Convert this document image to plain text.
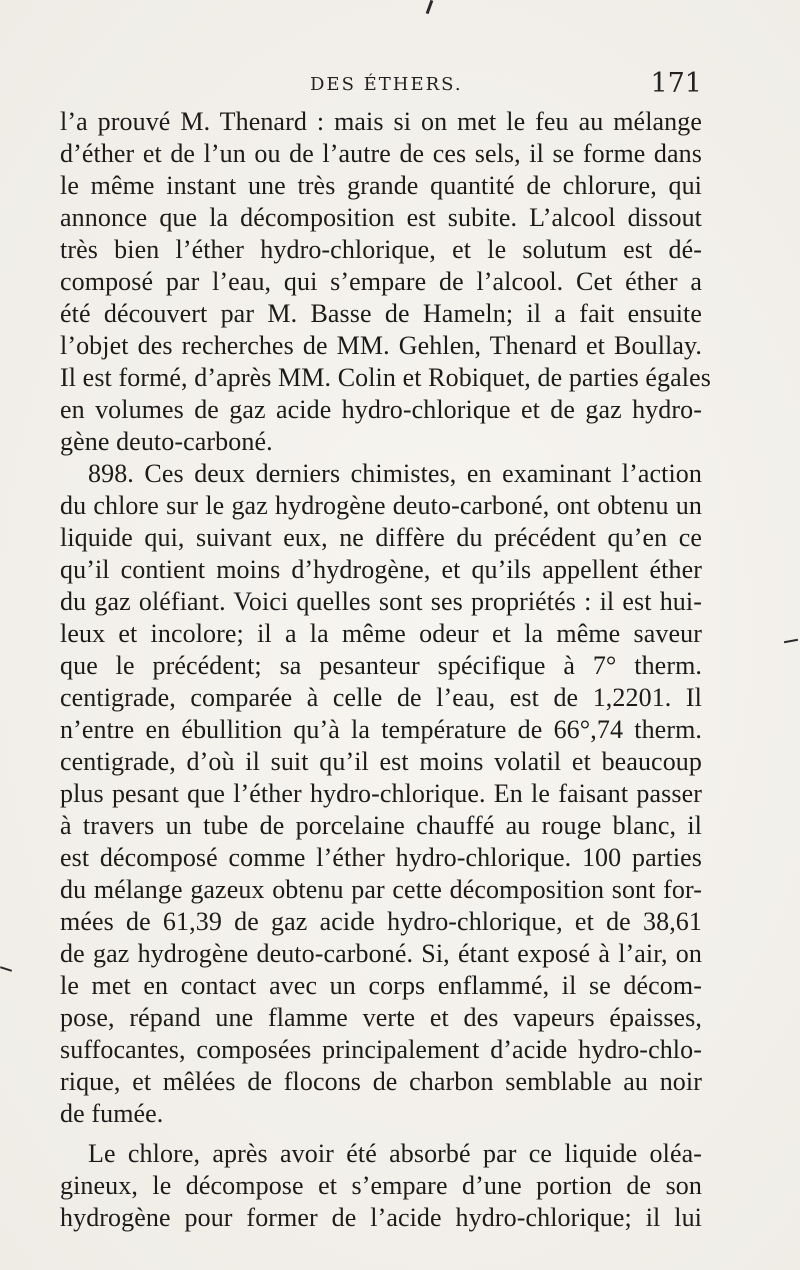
DES ÉTHERS.	171
l’a prouvé M. Thenard : mais si on met le feu au mélange
d’éther et de l’un ou de l’autre de ces sels, il se forme dans
le même instant une très grande quantité de chlorure, qui
annonce que la décomposition est subite. L’alcool dissout
très bien l’éther hydro-chlorique, et le solutum est dé-
composé par l’eau, qui s’empare de l’alcool. Cet éther a
été découvert par M. Basse de Hameln; il a fait ensuite
l’objet des recherches de MM. Gehlen, Thenard et Boullay.
Il est formé, d’après MM. Colin et Robiquet, de parties égales
en volumes de gaz acide hydro-chlorique et de gaz hydro-
gène deuto-carboné.
898. Ces deux derniers chimistes, en examinant l’action
du chlore sur le gaz hydrogène deuto-carboné, ont obtenu un
liquide qui, suivant eux, ne diffère du précédent qu’en ce
qu’il contient moins d’hydrogène, et qu’ils appellent éther
du gaz oléfiant. Voici quelles sont ses propriétés : il est hui-
leux et incolore; il a la même odeur et la même saveur
que le précédent; sa pesanteur spécifique à 7° therm.
centigrade, comparée à celle de l’eau, est de 1,2201. Il
n’entre en ébullition qu’à la température de 66°,74 therm.
centigrade, d’où il suit qu’il est moins volatil et beaucoup
plus pesant que l’éther hydro-chlorique. En le faisant passer
à travers un tube de porcelaine chauffé au rouge blanc, il
est décomposé comme l’éther hydro-chlorique. 100 parties
du mélange gazeux obtenu par cette décomposition sont for-
mées de 61,39 de gaz acide hydro-chlorique, et de 38,61
de gaz hydrogène deuto-carboné. Si, étant exposé à l’air, on
le met en contact avec un corps enflammé, il se décom-
pose, répand une flamme verte et des vapeurs épaisses,
suffocantes, composées principalement d’acide hydro-chlo-
rique, et mêlées de flocons de charbon semblable au noir
de fumée.
Le chlore, après avoir été absorbé par ce liquide oléa-
gineux, le décompose et s’empare d’une portion de son
hydrogène pour former de l’acide hydro-chlorique; il lui
